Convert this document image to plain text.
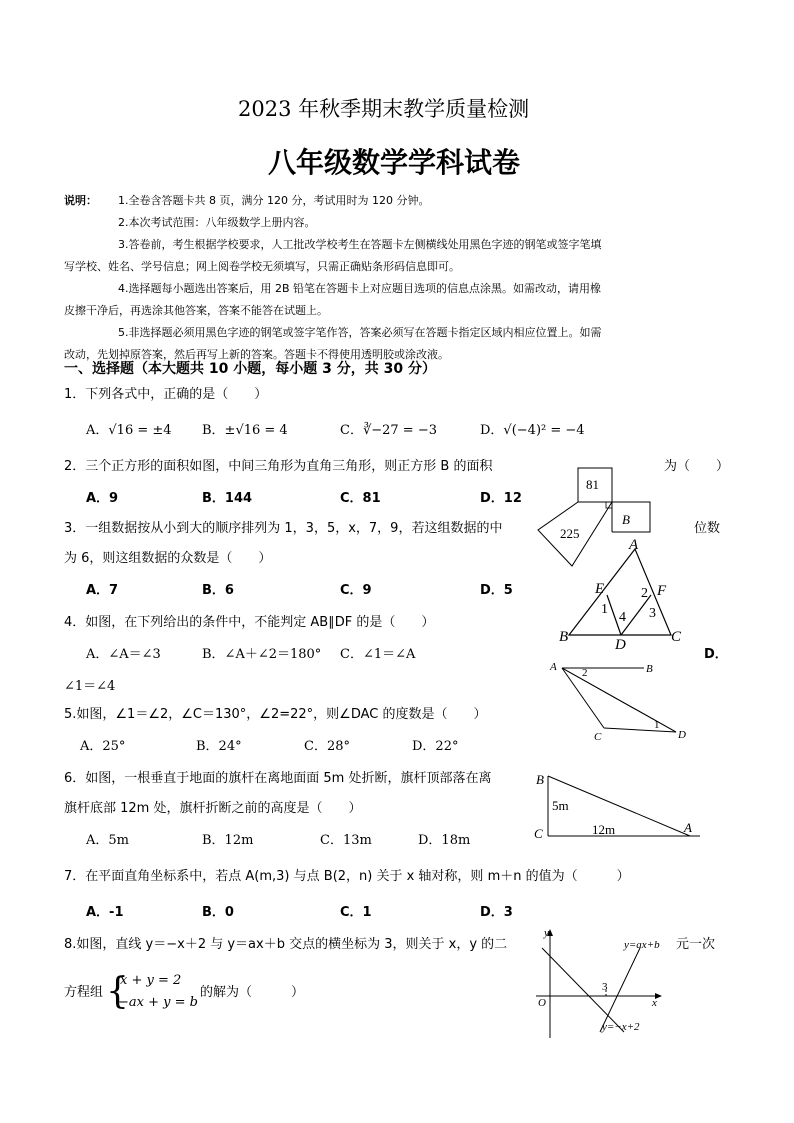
2023 年秋季期末教学质量检测
八年级数学学科试卷
说明： 1.全卷含答题卡共 8 页，满分 120 分，考试用时为 120 分钟。
2.本次考试范围：八年级数学上册内容。
3.答卷前，考生根据学校要求，人工批改学校考生在答题卡左侧横线处用黑色字迹的钢笔或签字笔填
写学校、姓名、学号信息；网上阅卷学校无须填写，只需正确贴条形码信息即可。
4.选择题每小题选出答案后，用 2B 铅笔在答题卡上对应题目选项的信息点涂黑。如需改动，请用橡
皮擦干净后，再选涂其他答案，答案不能答在试题上。
5.非选择题必须用黑色字迹的钢笔或签字笔作答，答案必须写在答题卡指定区域内相应位置上。如需
改动，先划掉原答案，然后再写上新的答案。答题卡不得使用透明胶或涂改液。
一、选择题（本大题共 10 小题，每小题 3 分，共 30 分）
1．下列各式中，正确的是（　　）
A．√16 = ±4 B．±√16 = 4	C．∛−27 = −3	D．√(−4)² = −4
2．三个正方形的面积如图，中间三角形为直角三角形，则正方形 B 的面积	为（　　）
A．9	B．144	C．81	D．12
3．一组数据按从小到大的顺序排列为 1，3，5，x，7，9，若这组数据的中	位数
为 6，则这组数据的众数是（　　）
A．7	B．6	C．9	D．5
4．如图，在下列给出的条件中，不能判定 AB∥DF 的是（　　）
A．∠A＝∠3	B．∠A＋∠2＝180° C．∠1＝∠A	D．
∠1＝∠4
5.如图，∠1＝∠2，∠C＝130°，∠2=22°，则∠DAC 的度数是（　　）
A．25°	B．24°	C．28°	D．22°
6．如图，一根垂直于地面的旗杆在离地面面 5m 处折断，旗杆顶部落在离
旗杆底部 12m 处，旗杆折断之前的高度是（　　）
A．5m	B．12m	C．13m	D．18m
7．在平面直角坐标系中，若点 A(m,3) 与点 B(2，n) 关于 x 轴对称，则 m＋n 的值为（　　　）
A．-1	B．0	C．1	D．3
8.如图，直线 y＝−x＋2 与 y＝ax＋b 交点的横坐标为 3，则关于 x，y 的二	元一次
方程组 {
x + y = 2
−ax + y = b
的解为（　　　）
81
225
B
A
B	C
D
E	F
1
2
3
4
A	B
C	D
2
1
B
C	A
5m
12m
y
x
O
3
y=ax+b
y=−x+2
